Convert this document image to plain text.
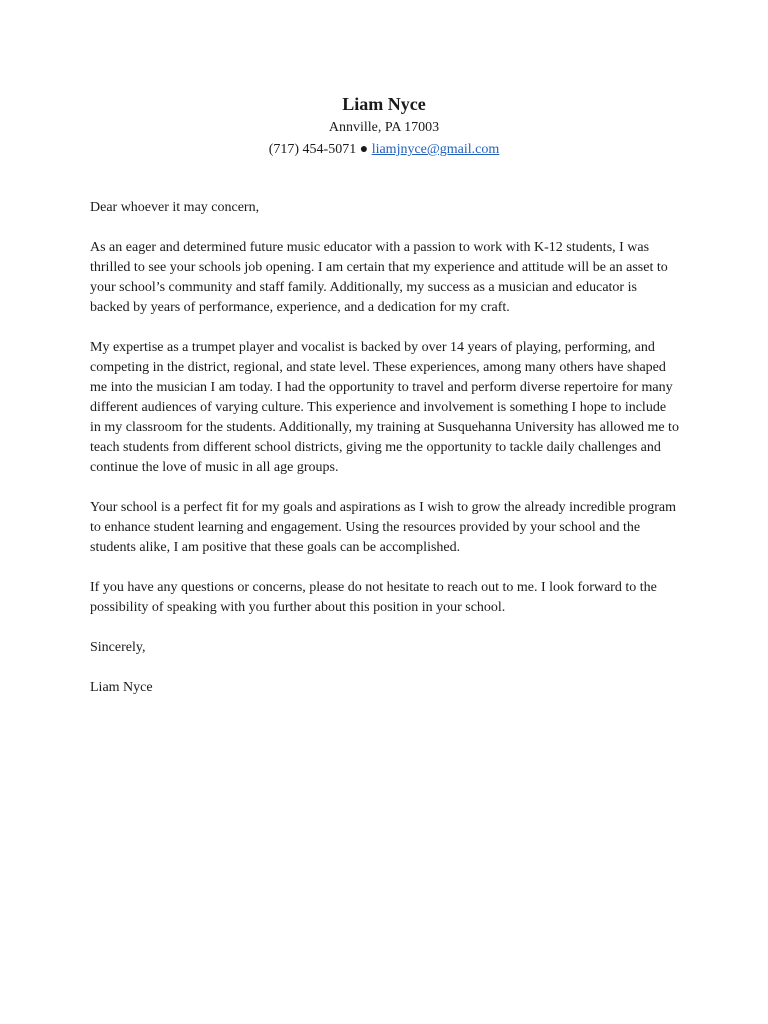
Liam Nyce
Annville, PA 17003
(717) 454-5071 ● liamjnyce@gmail.com

Dear whoever it may concern,

As an eager and determined future music educator with a passion to work with K-12 students, I was thrilled to see your schools job opening. I am certain that my experience and attitude will be an asset to your school’s community and staff family. Additionally, my success as a musician and educator is backed by years of performance, experience, and a dedication for my craft.

My expertise as a trumpet player and vocalist is backed by over 14 years of playing, performing, and competing in the district, regional, and state level. These experiences, among many others have shaped me into the musician I am today. I had the opportunity to travel and perform diverse repertoire for many different audiences of varying culture. This experience and involvement is something I hope to include in my classroom for the students. Additionally, my training at Susquehanna University has allowed me to teach students from different school districts, giving me the opportunity to tackle daily challenges and continue the love of music in all age groups.

Your school is a perfect fit for my goals and aspirations as I wish to grow the already incredible program to enhance student learning and engagement. Using the resources provided by your school and the students alike, I am positive that these goals can be accomplished.

If you have any questions or concerns, please do not hesitate to reach out to me. I look forward to the possibility of speaking with you further about this position in your school.

Sincerely,

Liam Nyce
